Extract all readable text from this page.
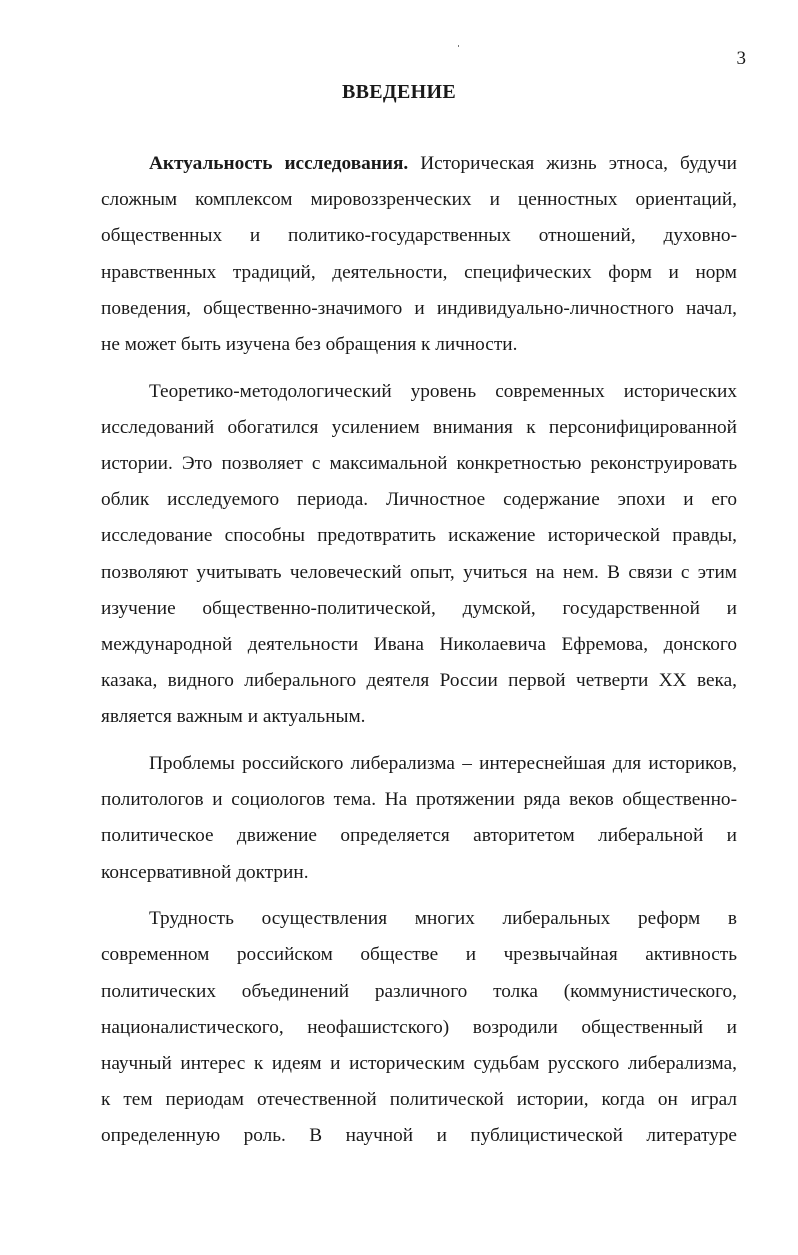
3
ВВЕДЕНИЕ
Актуальность исследования. Историческая жизнь этноса, будучи
сложным комплексом мировоззренческих и ценностных ориентаций,
общественных и политико-государственных отношений, духовно-
нравственных традиций, деятельности, специфических форм и норм
поведения, общественно-значимого и индивидуально-личностного начал,
не может быть изучена без обращения к личности.
Теоретико-методологический уровень современных исторических
исследований обогатился усилением внимания к персонифицированной
истории. Это позволяет с максимальной конкретностью реконструировать
облик исследуемого периода. Личностное содержание эпохи и его
исследование способны предотвратить искажение исторической правды,
позволяют учитывать человеческий опыт, учиться на нем. В связи с этим
изучение общественно-политической, думской, государственной и
международной деятельности Ивана Николаевича Ефремова, донского
казака, видного либерального деятеля России первой четверти XX века,
является важным и актуальным.
Проблемы российского либерализма – интереснейшая для историков,
политологов и социологов тема. На протяжении ряда веков общественно-
политическое движение определяется авторитетом либеральной и
консервативной доктрин.
Трудность осуществления многих либеральных реформ в
современном российском обществе и чрезвычайная активность
политических объединений различного толка (коммунистического,
националистического, неофашистского) возродили общественный и
научный интерес к идеям и историческим судьбам русского либерализма,
к тем периодам отечественной политической истории, когда он играл
определенную роль. В научной и публицистической литературе
